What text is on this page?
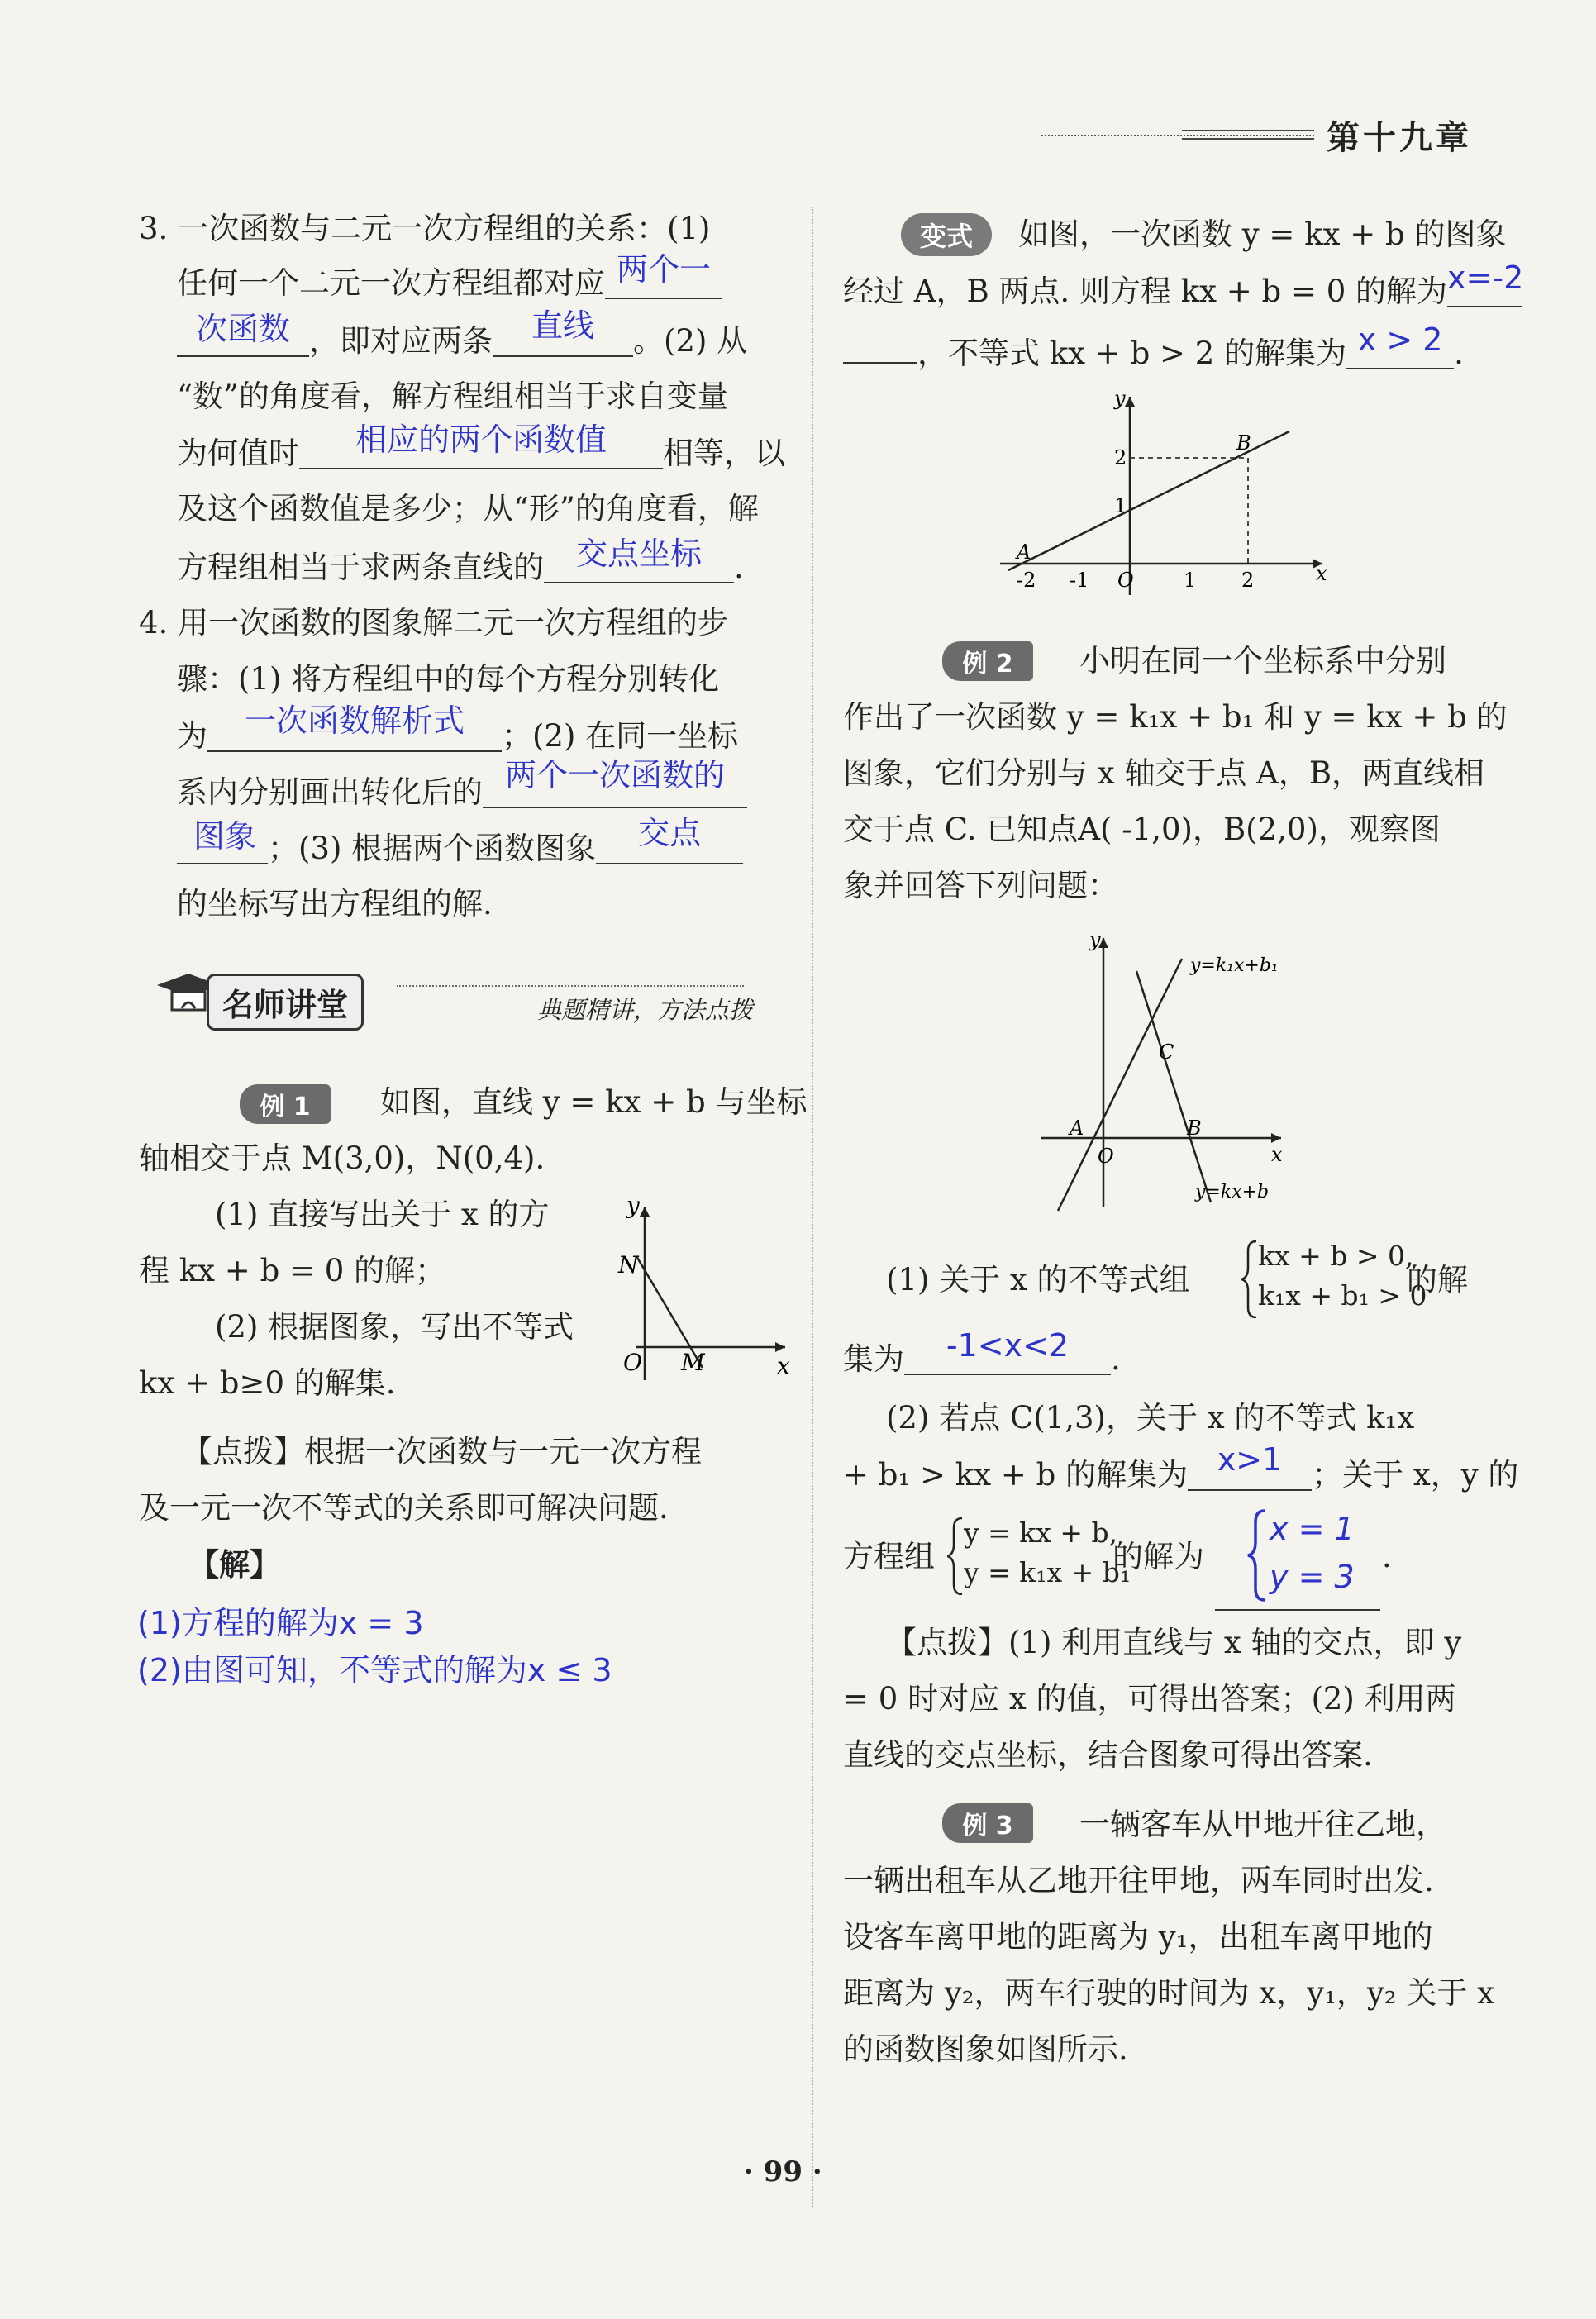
第十九章
3. 一次函数与二元一次方程组的关系：(1)
任何一个二元一次方程组都对应 两个一
次函数 ，即对应两条 直线 。(2) 从
“数”的角度看，解方程组相当于求自变量
为何值时 相应的两个函数值 相等，以
及这个函数值是多少；从“形”的角度看，解
方程组相当于求两条直线的 交点坐标 .
4. 用一次函数的图象解二元一次方程组的步
骤：(1) 将方程组中的每个方程分别转化
为 一次函数解析式 ；(2) 在同一坐标
系内分别画出转化后的 两个一次函数的
图象 ；(3) 根据两个函数图象 交点
的坐标写出方程组的解.
名师讲堂	典题精讲，方法点拨
例 1	如图，直线 y = kx + b 与坐标
轴相交于点 M(3,0)，N(0,4).
(1) 直接写出关于 x 的方
程 kx + b = 0 的解；
(2) 根据图象，写出不等式
kx + b≥0 的解集.
y
x
O
N
M
【点拨】根据一次函数与一元一次方程
及一元一次不等式的关系即可解决问题.
【解】
(1)方程的解为x = 3
(2)由图可知，不等式的解为x ≤ 3
变式	如图，一次函数 y = kx + b 的图象
经过 A，B 两点. 则方程 kx + b = 0 的解为x=-2
，不等式 kx + b > 2 的解集为 x > 2 .
y
x
O
A
B
-2 -1	1 2
1
2
例 2	小明在同一个坐标系中分别
作出了一次函数 y = k₁x + b₁ 和 y = kx + b 的
图象，它们分别与 x 轴交于点 A，B，两直线相
交于点 C. 已知点A( -1,0)，B(2,0)，观察图
象并回答下列问题：
y
x
O
A	B
C
y=k₁x+b₁
y=kx+b
(1) 关于 x 的不等式组
kx + b > 0,
k₁x + b₁ > 0
的解
集为 -1<x<2 .
(2) 若点 C(1,3)，关于 x 的不等式 k₁x
+ b₁ > kx + b 的解集为 x>1 ；关于 x，y 的
方程组
y = kx + b,
y = k₁x + b₁
的解为
x = 1
y = 3
.
【点拨】(1) 利用直线与 x 轴的交点，即 y
= 0 时对应 x 的值，可得出答案；(2) 利用两
直线的交点坐标，结合图象可得出答案.
例 3	一辆客车从甲地开往乙地，
一辆出租车从乙地开往甲地，两车同时出发.
设客车离甲地的距离为 y₁，出租车离甲地的
距离为 y₂，两车行驶的时间为 x，y₁，y₂ 关于 x
的函数图象如图所示.
· 99 ·
